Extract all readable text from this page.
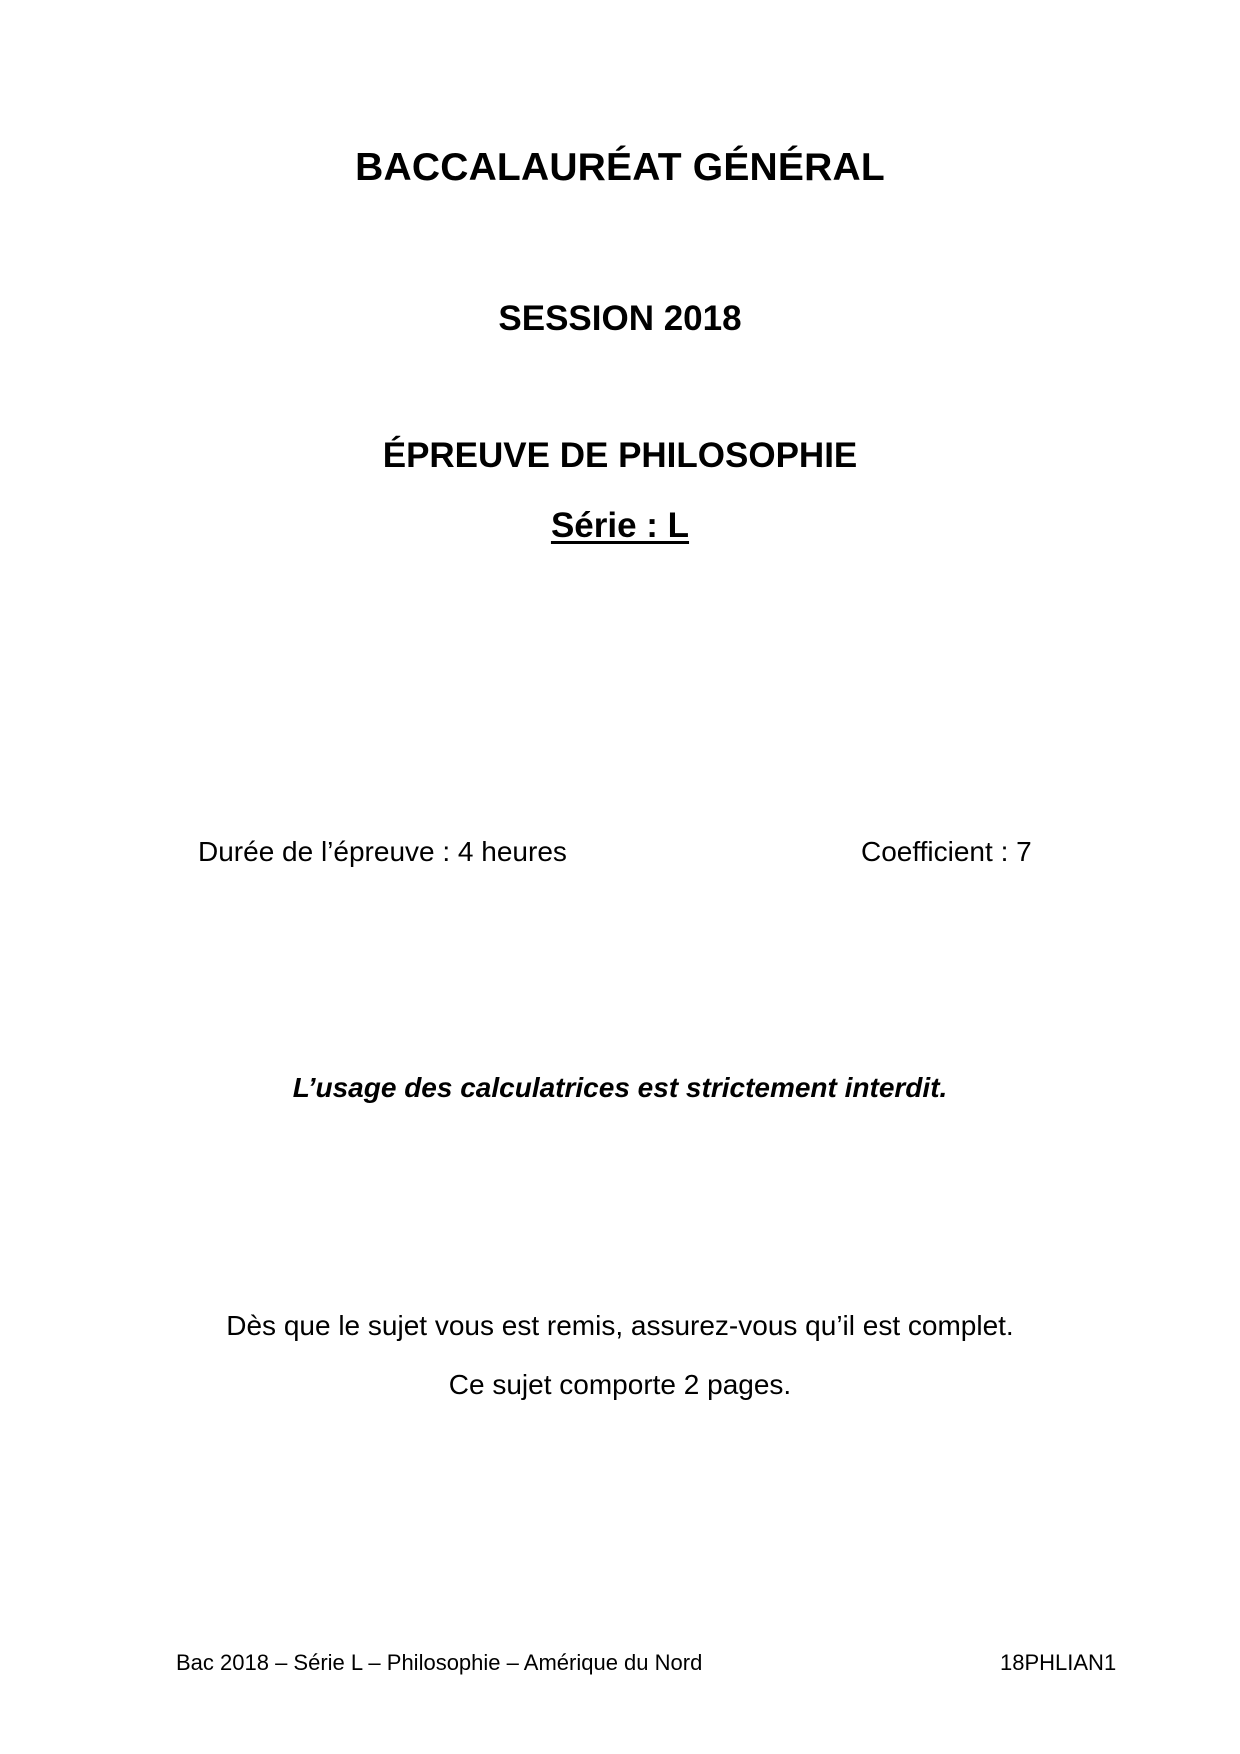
BACCALAURÉAT GÉNÉRAL
SESSION 2018
ÉPREUVE DE PHILOSOPHIE
Série : L
Durée de l’épreuve : 4 heures	Coefficient : 7
L’usage des calculatrices est strictement interdit.
Dès que le sujet vous est remis, assurez-vous qu’il est complet.
Ce sujet comporte 2 pages.
Bac 2018 – Série L – Philosophie – Amérique du Nord	18PHLIAN1
